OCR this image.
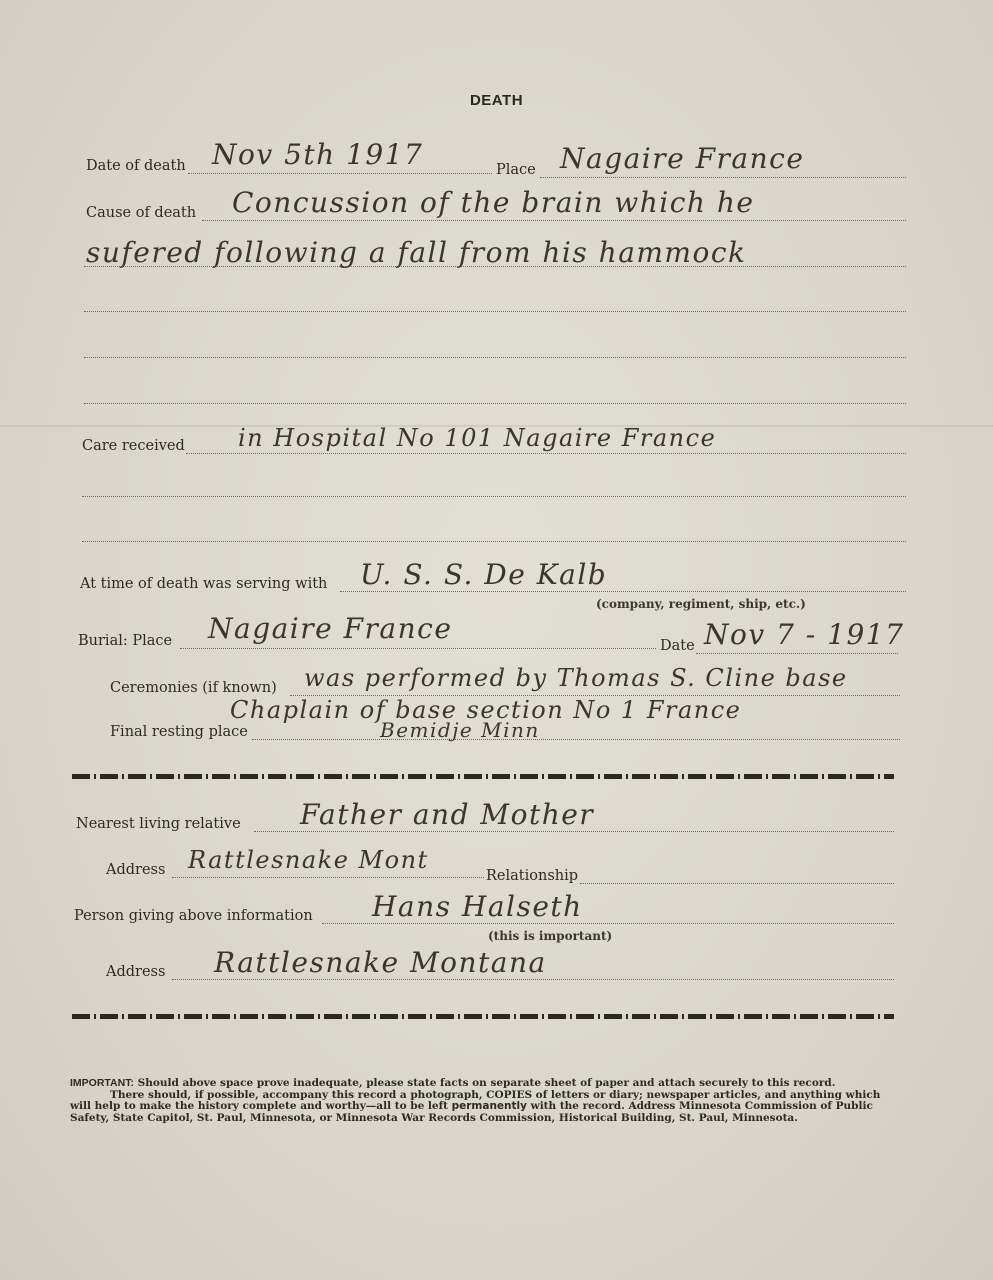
DEATH
Date of death Nov 5th 1917	Place Nagaire France
Cause of death Concussion of the brain which he
sufered following a fall from his hammock
Care received in Hospital No 101 Nagaire France
At time of death was serving with U. S. S. De Kalb
(company, regiment, ship, etc.)
Burial: Place Nagaire France
Date Nov 7 - 1917
Ceremonies (if known) was performed by Thomas S. Cline base
Chaplain of base section No 1 France
Final resting place	Bemidje Minn
Nearest living relative Father and Mother
Address Rattlesnake Mont
Relationship
Person giving above information Hans Halseth
(this is important)
Address Rattlesnake Montana

IMPORTANT: Should above space prove inadequate, please state facts on separate sheet of paper and attach securely to this record.

There should, if possible, accompany this record a photograph, COPIES of letters or diary; newspaper articles, and anything which will help to make the history complete and worthy—all to be left permanently with the record. Address Minnesota Commission of Public Safety, State Capitol, St. Paul, Minnesota, or Minnesota War Records Commission, Historical Building, St. Paul, Minnesota.
